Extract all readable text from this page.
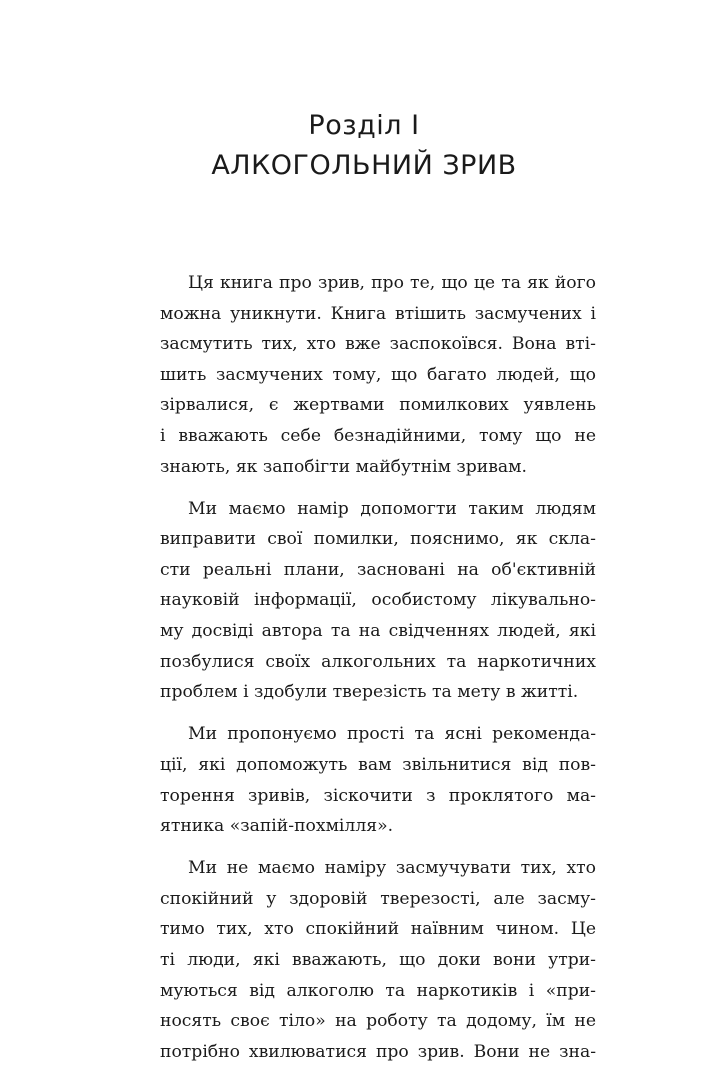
Розділ І
АЛКОГОЛЬНИЙ ЗРИВ

Ця книга про зрив, про те, що це та як його
можна уникнути. Книга втішить засмучених і
засмутить тих, хто вже заспокоївся. Вона вті-
шить засмучених тому, що багато людей, що
зірвалися, є жертвами помилкових уявлень
і вважають себе безнадійними, тому що не
знають, як запобігти майбутнім зривам.

Ми маємо намір допомогти таким людям
виправити свої помилки, пояснимо, як скла-
сти реальні плани, засновані на об'єктивній
науковій інформації, особистому лікувально-
му досвіді автора та на свідченнях людей, які
позбулися своїх алкогольних та наркотичних
проблем і здобули тверезість та мету в житті.

Ми пропонуємо прості та ясні рекоменда-
ції, які допоможуть вам звільнитися від пов-
торення зривів, зіскочити з проклятого ма-
ятника «запій-похмілля».

Ми не маємо наміру засмучувати тих, хто
спокійний у здоровій тверезості, але засму-
тимо тих, хто спокійний наївним чином. Це
ті люди, які вважають, що доки вони утри-
муються від алкоголю та наркотиків і «при-
носять своє тіло» на роботу та додому, їм не
потрібно хвилюватися про зрив. Вони не зна-
